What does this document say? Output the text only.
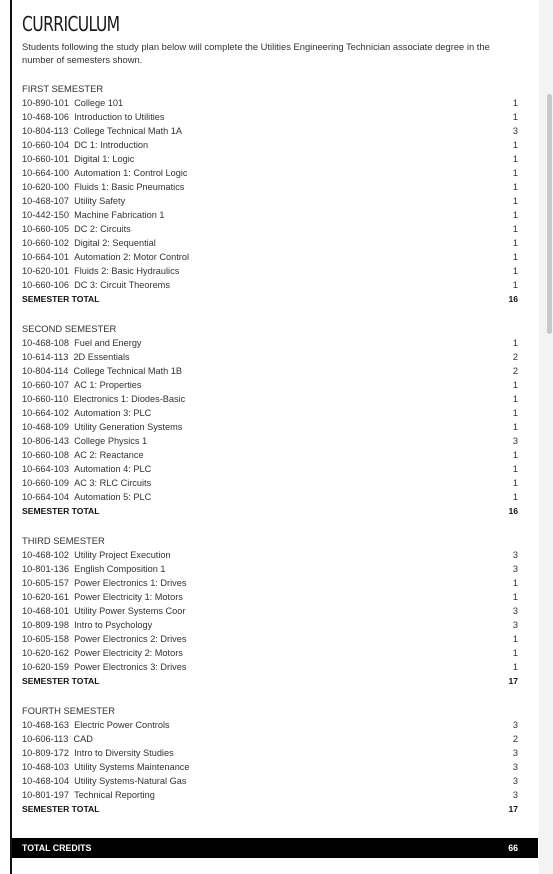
CURRICULUM

Students following the study plan below will complete the Utilities Engineering Technician associate degree in the number of semesters shown.

FIRST SEMESTER
10-890-101 College 101	1
10-468-106 Introduction to Utilities	1
10-804-113 College Technical Math 1A	3
10-660-104 DC 1: Introduction	1
10-660-101 Digital 1: Logic	1
10-664-100 Automation 1: Control Logic	1
10-620-100 Fluids 1: Basic Pneumatics	1
10-468-107 Utility Safety	1
10-442-150 Machine Fabrication 1	1
10-660-105 DC 2: Circuits	1
10-660-102 Digital 2: Sequential	1
10-664-101 Automation 2: Motor Control	1
10-620-101 Fluids 2: Basic Hydraulics	1
10-660-106 DC 3: Circuit Theorems	1
SEMESTER TOTAL	16
SECOND SEMESTER
10-468-108 Fuel and Energy	1
10-614-113 2D Essentials	2
10-804-114 College Technical Math 1B	2
10-660-107 AC 1: Properties	1
10-660-110 Electronics 1: Diodes-Basic	1
10-664-102 Automation 3: PLC	1
10-468-109 Utility Generation Systems	1
10-806-143 College Physics 1	3
10-660-108 AC 2: Reactance	1
10-664-103 Automation 4: PLC	1
10-660-109 AC 3: RLC Circuits	1
10-664-104 Automation 5: PLC	1
SEMESTER TOTAL	16
THIRD SEMESTER
10-468-102 Utility Project Execution	3
10-801-136 English Composition 1	3
10-605-157 Power Electronics 1: Drives	1
10-620-161 Power Electricity 1: Motors	1
10-468-101 Utility Power Systems Coor	3
10-809-198 Intro to Psychology	3
10-605-158 Power Electronics 2: Drives	1
10-620-162 Power Electricity 2: Motors	1
10-620-159 Power Electronics 3: Drives	1
SEMESTER TOTAL	17
FOURTH SEMESTER
10-468-163 Electric Power Controls	3
10-606-113 CAD	2
10-809-172 Intro to Diversity Studies	3
10-468-103 Utility Systems Maintenance	3
10-468-104 Utility Systems-Natural Gas	3
10-801-197 Technical Reporting	3
SEMESTER TOTAL	17
TOTAL CREDITS	66
